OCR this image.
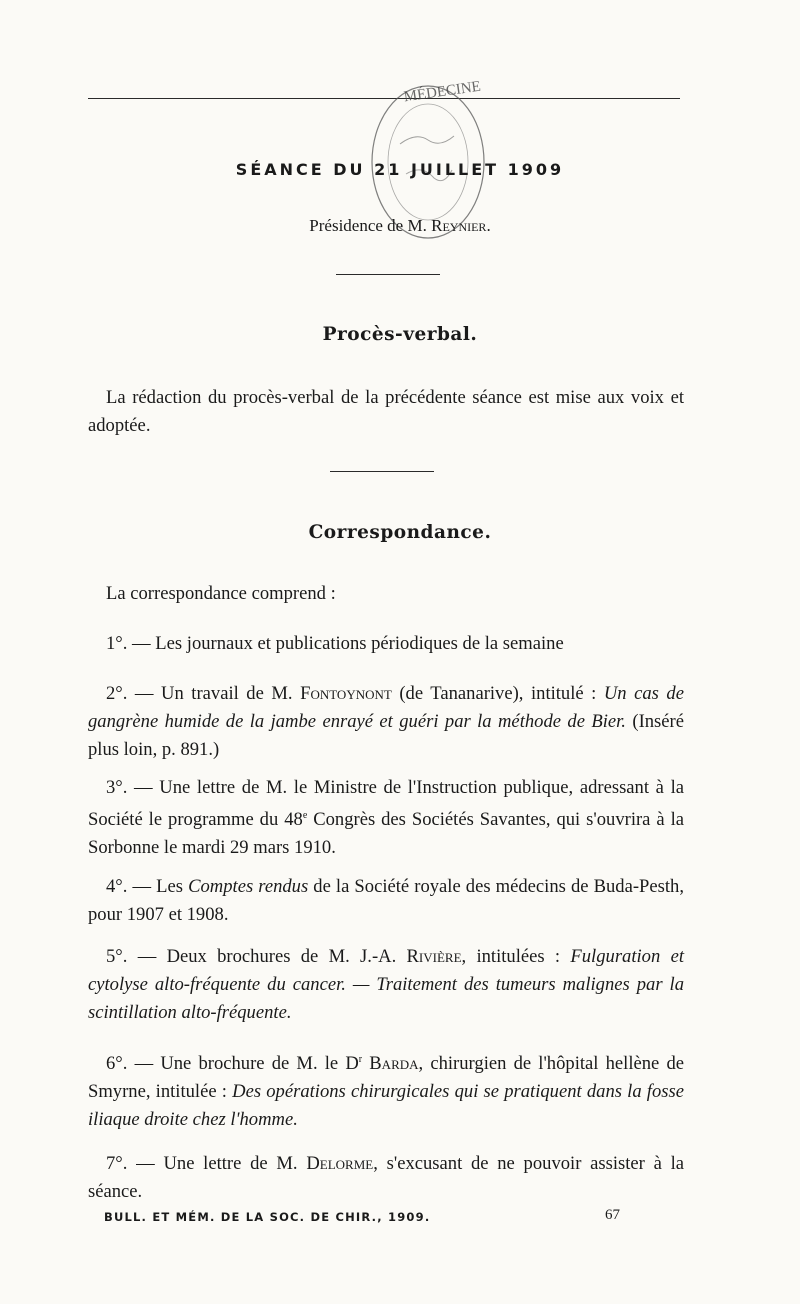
MÉDECINE
SÉANCE DU 21 JUILLET 1909
Présidence de M. Reynier.
Procès-verbal.

La rédaction du procès-verbal de la précédente séance est mise aux voix et adoptée.

Correspondance.

La correspondance comprend :

1°. — Les journaux et publications périodiques de la semaine

2°. — Un travail de M. Fontoynont (de Tananarive), intitulé : Un cas de gangrène humide de la jambe enrayé et guéri par la méthode de Bier. (Inséré plus loin, p. 891.)

3°. — Une lettre de M. le Ministre de l'Instruction publique, adressant à la Société le programme du 48e Congrès des Sociétés Savantes, qui s'ouvrira à la Sorbonne le mardi 29 mars 1910.

4°. — Les Comptes rendus de la Société royale des médecins de Buda-Pesth, pour 1907 et 1908.

5°. — Deux brochures de M. J.-A. Rivière, intitulées : Fulguration et cytolyse alto-fréquente du cancer. — Traitement des tumeurs malignes par la scintillation alto-fréquente.

6°. — Une brochure de M. le $D^r$ Barda, chirurgien de l'hôpital hellène de Smyrne, intitulée : Des opérations chirurgicales qui se pratiquent dans la fosse iliaque droite chez l'homme.

7°. — Une lettre de M. Delorme, s'excusant de ne pouvoir assister à la séance.

BULL. ET MÉM. DE LA SOC. DE CHIR., 1909.	67
